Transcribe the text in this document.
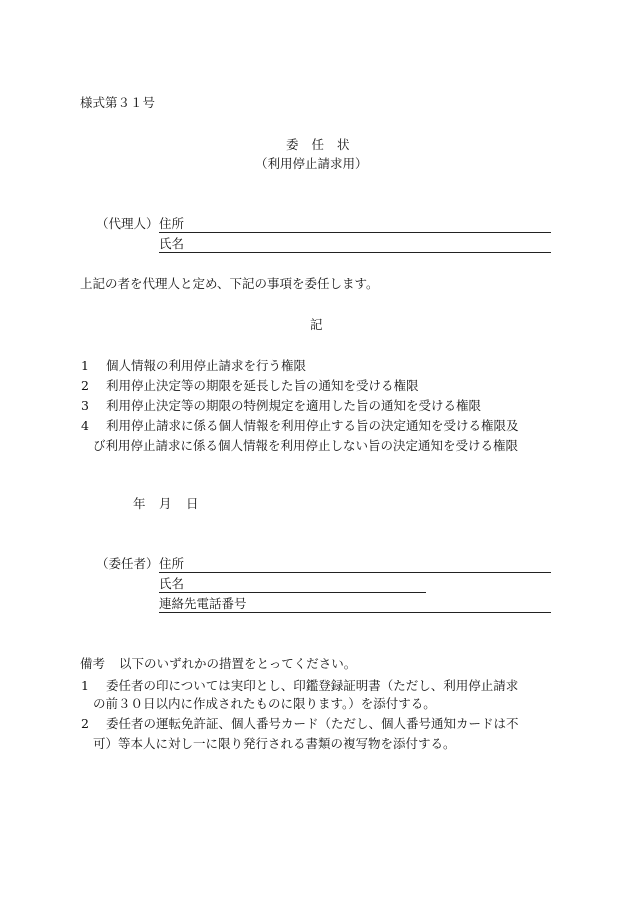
様式第３１号
委任状
（利用停止請求用）
（代理人） 住所
氏名
上記の者を代理人と定め、下記の事項を委任します。
記
1 個人情報の利用停止請求を行う権限
2 利用停止決定等の期限を延長した旨の通知を受ける権限
3 利用停止決定等の期限の特例規定を適用した旨の通知を受ける権限
4 利用停止請求に係る個人情報を利用停止する旨の決定通知を受ける権限及
び利用停止請求に係る個人情報を利用停止しない旨の決定通知を受ける権限
年 月 日
（委任者） 住所
氏名
連絡先電話番号
備考 以下のいずれかの措置をとってください。
1 委任者の印については実印とし、印鑑登録証明書（ただし、利用停止請求
の前３０日以内に作成されたものに限ります。）を添付する。
2 委任者の運転免許証、個人番号カード（ただし、個人番号通知カードは不
可）等本人に対し一に限り発行される書類の複写物を添付する。
